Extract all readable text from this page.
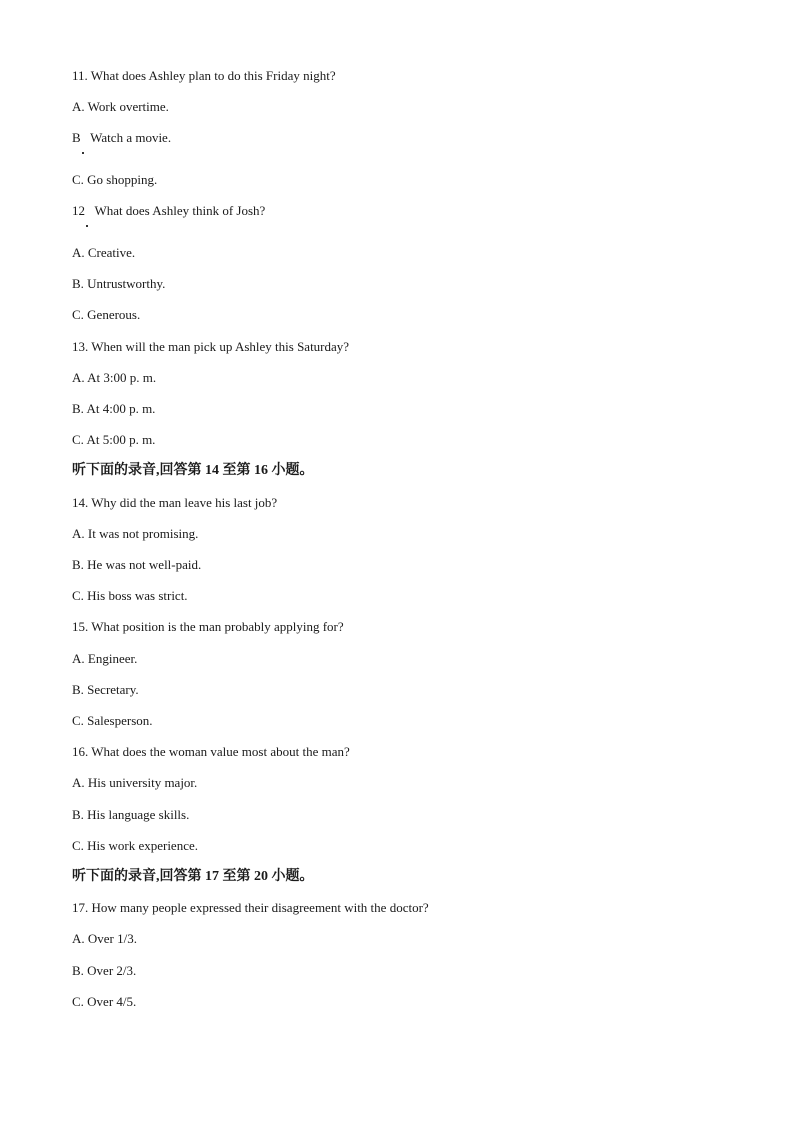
11. What does Ashley plan to do this Friday night?
A. Work overtime.
B  Watch a movie.
C. Go shopping.
12  What does Ashley think of Josh?
A. Creative.
B. Untrustworthy.
C. Generous.
13. When will the man pick up Ashley this Saturday?
A. At 3:00 p. m.
B. At 4:00 p. m.
C. At 5:00 p. m.
听下面的录音,回答第 14 至第 16 小题。
14. Why did the man leave his last job?
A. It was not promising.
B. He was not well-paid.
C. His boss was strict.
15. What position is the man probably applying for?
A. Engineer.
B. Secretary.
C. Salesperson.
16. What does the woman value most about the man?
A. His university major.
B. His language skills.
C. His work experience.
听下面的录音,回答第 17 至第 20 小题。
17. How many people expressed their disagreement with the doctor?
A. Over 1/3.
B. Over 2/3.
C. Over 4/5.
